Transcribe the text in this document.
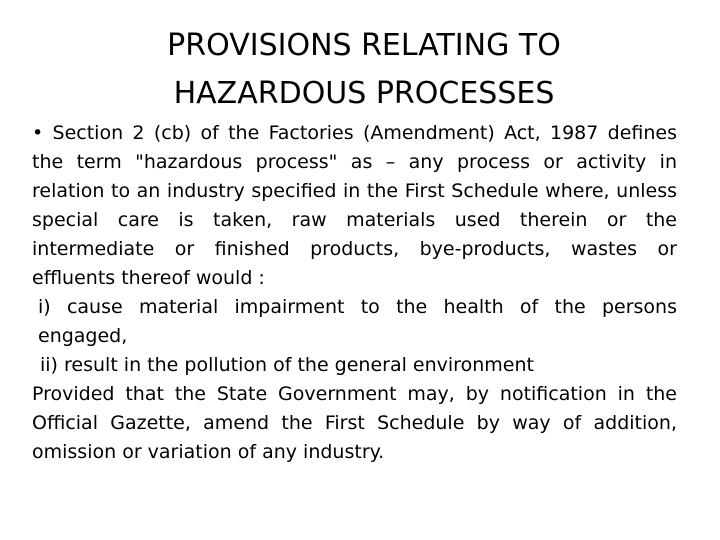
PROVISIONS RELATING TO
HAZARDOUS PROCESSES

• Section 2 (cb) of the Factories (Amendment) Act, 1987 defines the term "hazardous process" as – any process or activity in relation to an industry specified in the First Schedule where, unless special care is taken, raw materials used therein or the intermediate or finished products, bye-products, wastes or effluents thereof would :

i) cause material impairment to the health of the persons engaged,

ii) result in the pollution of the general environment

Provided that the State Government may, by notification in the Official Gazette, amend the First Schedule by way of addition, omission or variation of any industry.
